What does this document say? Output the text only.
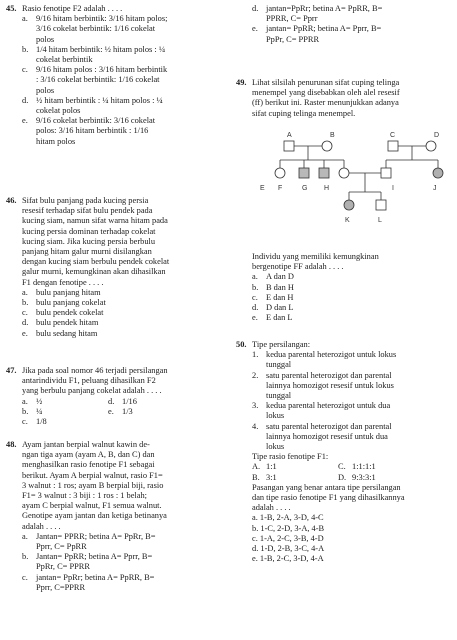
45. Rasio fenotipe F2 adalah . . . .
a. 9/16 hitam berbintik: 3/16 hitam polos;
3/16 cokelat berbintik: 1/16 cokelat
polos
b. 1/4 hitam berbintik: ½ hitam polos : ¼
cokelat berbintik
c. 9/16 hitam polos : 3/16 hitam berbintik
: 3/16 cokelat berbintik: 1/16 cokelat
polos
d. ½ hitam berbintik : ¼ hitam polos : ¼
cokelat polos
e. 9/16 cokelat berbintik: 3/16 cokelat
polos: 3/16 hitam berbintik : 1/16
hitam polos
46. Sifat bulu panjang pada kucing persia
resesif terhadap sifat bulu pendek pada
kucing siam, namun sifat warna hitam pada
kucing persia dominan terhadap cokelat
kucing siam. Jika kucing persia berbulu
panjang hitam galur murni disilangkan
dengan kucing siam berbulu pendek cokelat
galur murni, kemungkinan akan dihasilkan
F1 dengan fenotipe . . . .
a. bulu panjang hitam
b. bulu panjang cokelat
c. bulu pendek cokelat
d. bulu pendek hitam
e. bulu sedang hitam
47. Jika pada soal nomor 46 terjadi persilangan
antarindividu F1, peluang dihasilkan F2
yang berbulu panjang cokelat adalah . . . .
a. ½	d. 1/16
b. ¼	e. 1/3
c. 1/8
48. Ayam jantan berpial walnut kawin de-
ngan tiga ayam (ayam A, B, dan C) dan
menghasilkan rasio fenotipe F1 sebagai
berikut. Ayam A berpial walnut, rasio F1=
3 walnut : 1 ros; ayam B berpial biji, rasio
F1= 3 walnut : 3 biji : 1 ros : 1 belah;
ayam C berpial walnut, F1 semua walnut.
Genotipe ayam jantan dan ketiga betinanya
adalah . . . .
a. Jantan= PPRR; betina A= PpRr, B=
Pprr, C= PpRR
b. Jantan= PpRR; betina A= Pprr, B=
PpRr, C= PPRR
c. jantan= PpRr; betina A= PpRR, B=
Pprr, C=PPRR
d. jantan=PpRr; betina A= PpRR, B=
PPRR, C= Pprr
e. jantan= PpRR; betina A= Pprr, B=
PpPr, C= PPRR
49. Lihat silsilah penurunan sifat cuping telinga
menempel yang disebabkan oleh alel resesif
(ff) berikut ini. Raster menunjukkan adanya
sifat cuping telinga menempel.
A	B	C	D
E F	G H	I	J
K	L
Individu yang memiliki kemungkinan
bergenotipe FF adalah . . . .
a. A dan D
b. B dan H
c. E dan H
d. D dan L
e. E dan L
50. Tipe persilangan:
1. kedua parental heterozigot untuk lokus
tunggal
2. satu parental heterozigot dan parental
lainnya homozigot resesif untuk lokus
tunggal
3. kedua parental heterozigot untuk dua
lokus
4. satu parental heterozigot dan parental
lainnya homozigot resesif untuk dua
lokus
Tipe rasio fenotipe F1:
A. 1:1	C. 1:1:1:1
B. 3:1	D. 9:3:3:1
Pasangan yang benar antara tipe persilangan
dan tipe rasio fenotipe F1 yang dihasilkannya
adalah . . . .
a. 1-B, 2-A, 3-D, 4-C
b. 1-C, 2-D, 3-A, 4-B
c. 1-A, 2-C, 3-B, 4-D
d. 1-D, 2-B, 3-C, 4-A
e. 1-B, 2-C, 3-D, 4-A
